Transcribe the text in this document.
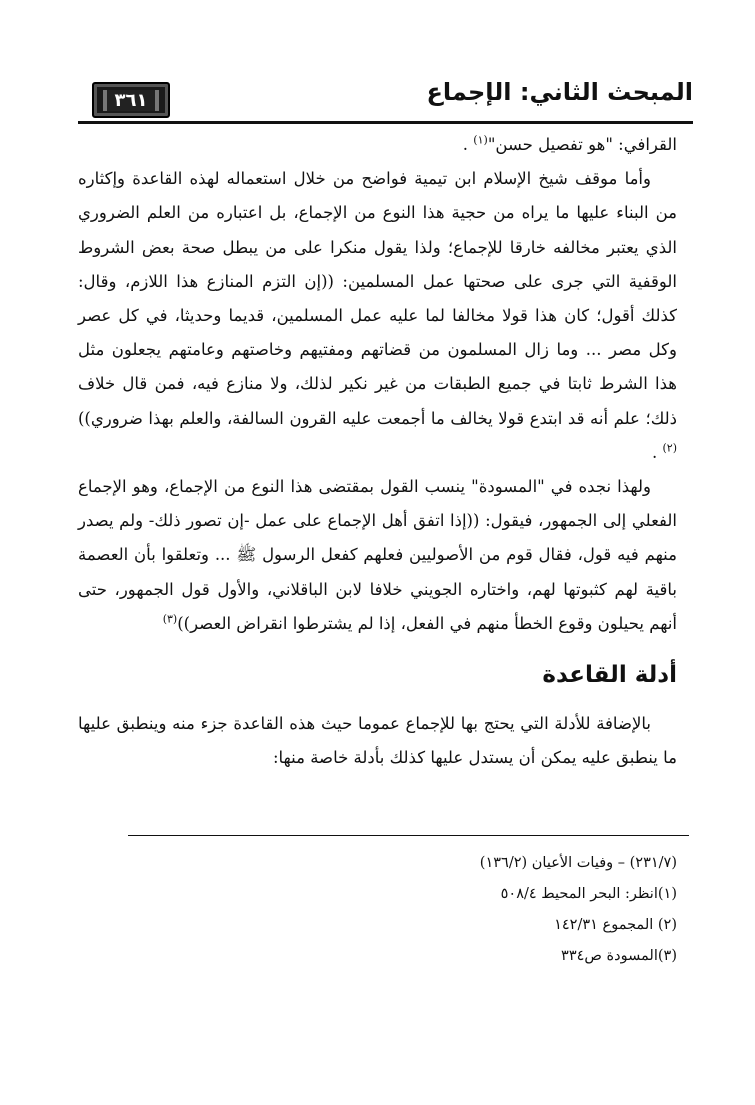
المبحث الثاني: الإجماع
٣٦١

القرافي: "هو تفصيل حسن"$^{(١)}$ .

وأما موقف شيخ الإسلام ابن تيمية فواضح من خلال استعماله لهذه القاعدة وإكثاره من البناء عليها ما يراه من حجية هذا النوع من الإجماع، بل اعتباره من العلم الضروري الذي يعتبر مخالفه خارقا للإجماع؛ ولذا يقول منكرا على من يبطل صحة بعض الشروط الوقفية التي جرى على صحتها عمل المسلمين: ((إن التزم المنازع هذا اللازم، وقال: كذلك أقول؛ كان هذا قولا مخالفا لما عليه عمل المسلمين، قديما وحديثا، في كل عصر وكل مصر ... وما زال المسلمون من قضاتهم ومفتيهم وخاصتهم وعامتهم يجعلون مثل هذا الشرط ثابتا في جميع الطبقات من غير نكير لذلك، ولا منازع فيه، فمن قال خلاف ذلك؛ علم أنه قد ابتدع قولا يخالف ما أجمعت عليه القرون السالفة، والعلم بهذا ضروري))$^{(٢)}$ .

ولهذا نجده في "المسودة" ينسب القول بمقتضى هذا النوع من الإجماع، وهو الإجماع الفعلي إلى الجمهور، فيقول: ((إذا اتفق أهل الإجماع على عمل -إن تصور ذلك- ولم يصدر منهم فيه قول، فقال قوم من الأصوليين فعلهم كفعل الرسول ﷺ ... وتعلقوا بأن العصمة باقية لهم كثبوتها لهم، واختاره الجويني خلافا لابن الباقلاني، والأول قول الجمهور، حتى أنهم يحيلون وقوع الخطأ منهم في الفعل، إذا لم يشترطوا انقراض العصر))$^{(٣)}$

أدلة القاعدة

بالإضافة للأدلة التي يحتج بها للإجماع عموما حيث هذه القاعدة جزء منه وينطبق عليها ما ينطبق عليه يمكن أن يستدل عليها كذلك بأدلة خاصة منها:

(٢٣١/٧) – وفيات الأعيان (١٣٦/٢)
(١)انظر: البحر المحيط ٥٠٨/٤
(٢) المجموع ١٤٢/٣١
(٣)المسودة ص٣٣٤
